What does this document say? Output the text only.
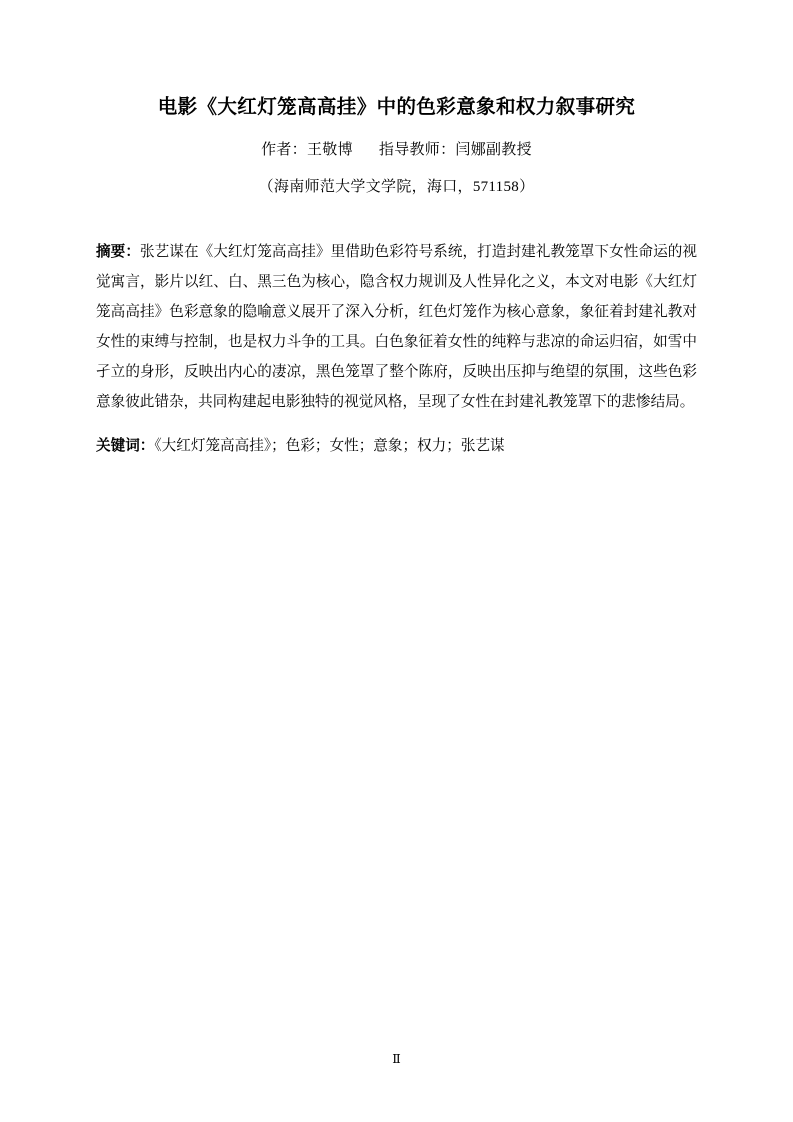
电影《大红灯笼高高挂》中的色彩意象和权力叙事研究
作者：王敬博 指导教师：闫娜副教授
（海南师范大学文学院，海口，571158）

摘要：张艺谋在《大红灯笼高高挂》里借助色彩符号系统，打造封建礼教笼罩下女性命运的视觉寓言，影片以红、白、黑三色为核心，隐含权力规训及人性异化之义，本文对电影《大红灯笼高高挂》色彩意象的隐喻意义展开了深入分析，红色灯笼作为核心意象，象征着封建礼教对女性的束缚与控制，也是权力斗争的工具。白色象征着女性的纯粹与悲凉的命运归宿，如雪中孑立的身形，反映出内心的凄凉，黑色笼罩了整个陈府，反映出压抑与绝望的氛围，这些色彩意象彼此错杂，共同构建起电影独特的视觉风格，呈现了女性在封建礼教笼罩下的悲惨结局。

关键词：《大红灯笼高高挂》；色彩；女性；意象；权力；张艺谋

Ⅱ
